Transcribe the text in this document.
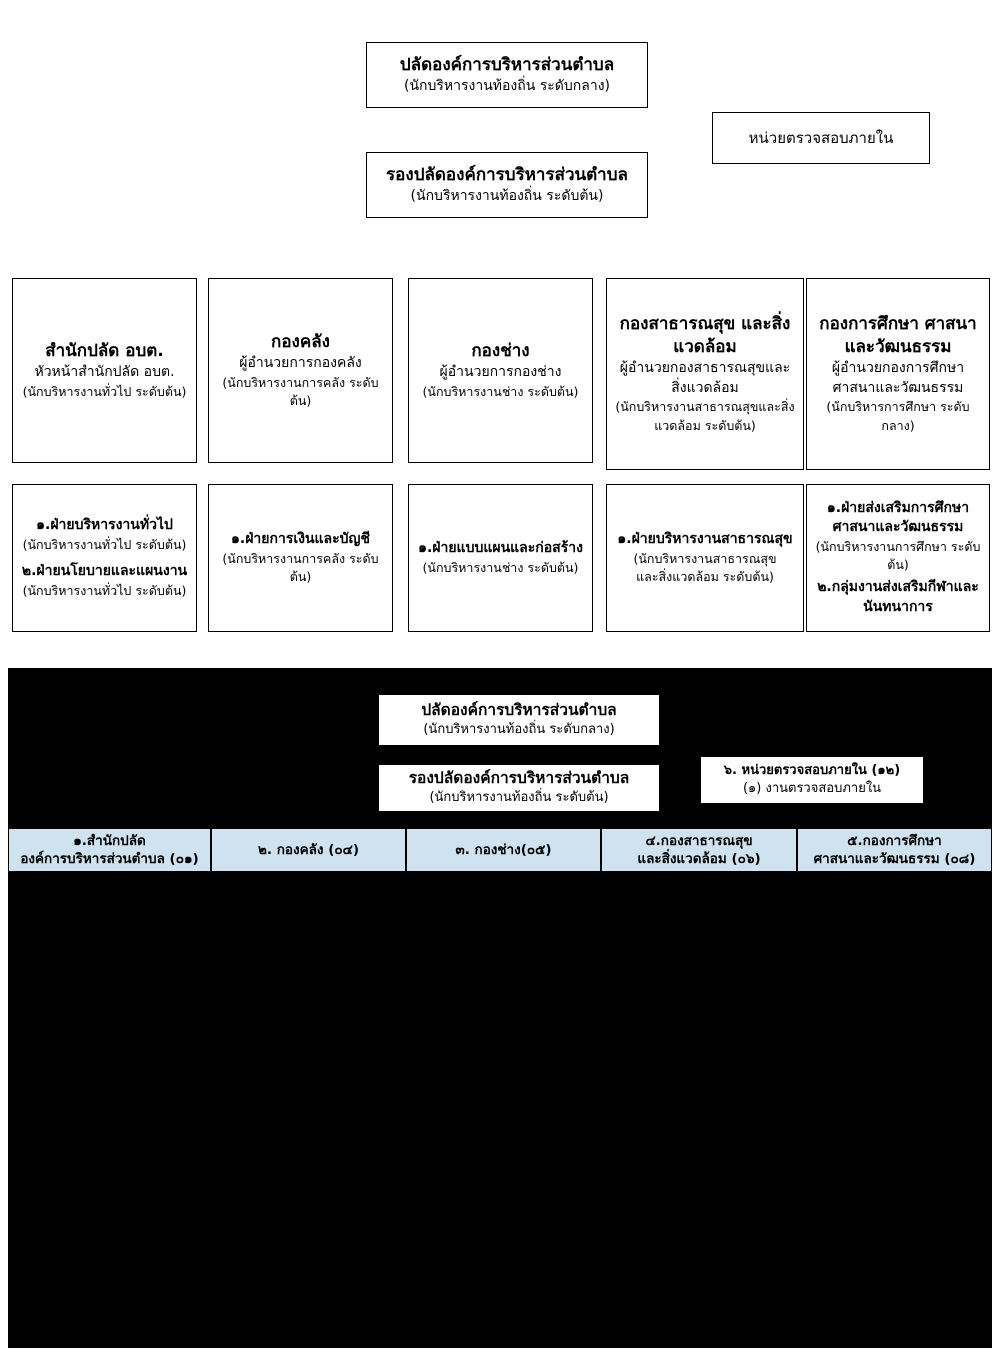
ปลัดองค์การบริหารส่วนตำบล
(นักบริหารงานท้องถิ่น ระดับกลาง)
หน่วยตรวจสอบภายใน
รองปลัดองค์การบริหารส่วนตำบล
(นักบริหารงานท้องถิ่น ระดับต้น)
สำนักปลัด อบต.
หัวหน้าสำนักปลัด อบต.
(นักบริหารงานทั่วไป ระดับต้น)
กองคลัง
ผู้อำนวยการกองคลัง
(นักบริหารงานการคลัง ระดับต้น)
กองช่าง
ผู้อำนวยการกองช่าง
(นักบริหารงานช่าง ระดับต้น)
กองสาธารณสุข และสิ่งแวดล้อม
ผู้อำนวยกองสาธารณสุขและสิ่งแวดล้อม
(นักบริหารงานสาธารณสุขและสิ่งแวดล้อม ระดับต้น)
กองการศึกษา ศาสนา และวัฒนธรรม
ผู้อำนวยกองการศึกษา ศาสนาและวัฒนธรรม
(นักบริหารการศึกษา ระดับกลาง)
๑.ฝ่ายบริหารงานทั่วไป
(นักบริหารงานทั่วไป ระดับต้น)
๒.ฝ่ายนโยบายและแผนงาน
(นักบริหารงานทั่วไป ระดับต้น)
๑.ฝ่ายการเงินและบัญชี
(นักบริหารงานการคลัง ระดับต้น)
๑.ฝ่ายแบบแผนและก่อสร้าง
(นักบริหารงานช่าง ระดับต้น)
๑.ฝ่ายบริหารงานสาธารณสุข
(นักบริหารงานสาธารณสุข
และสิ่งแวดล้อม ระดับต้น)
๑.ฝ่ายส่งเสริมการศึกษา
ศาสนาและวัฒนธรรม
(นักบริหารงานการศึกษา ระดับต้น)
๒.กลุ่มงานส่งเสริมกีฬาและ
นันทนาการ
ปลัดองค์การบริหารส่วนตำบล
(นักบริหารงานท้องถิ่น ระดับกลาง)
๖. หน่วยตรวจสอบภายใน (๑๒)
(๑) งานตรวจสอบภายใน
รองปลัดองค์การบริหารส่วนตำบล
(นักบริหารงานท้องถิ่น ระดับต้น)
๑.สำนักปลัด
องค์การบริหารส่วนตำบล (๐๑)
๒. กองคลัง (๐๔)	๓. กองช่าง(๐๕)
๔.กองสาธารณสุข
และสิ่งแวดล้อม (๐๖)
๕.กองการศึกษา
ศาสนาและวัฒนธรรม (๐๘)
